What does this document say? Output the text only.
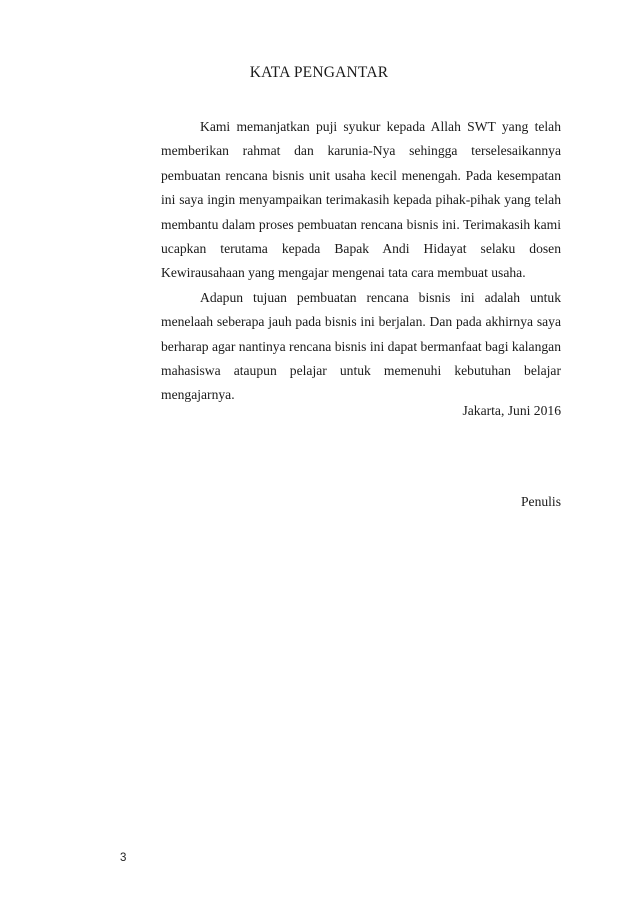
KATA PENGANTAR

Kami memanjatkan puji syukur kepada Allah SWT yang telah memberikan rahmat dan karunia-Nya sehingga terselesaikannya pembuatan rencana bisnis unit usaha kecil menengah. Pada kesempatan ini saya ingin menyampaikan terimakasih kepada pihak-pihak yang telah membantu dalam proses pembuatan rencana bisnis ini. Terimakasih kami ucapkan terutama kepada Bapak Andi Hidayat selaku dosen Kewirausahaan yang mengajar mengenai tata cara membuat usaha.

Adapun tujuan pembuatan rencana bisnis ini adalah untuk menelaah seberapa jauh pada bisnis ini berjalan. Dan pada akhirnya saya berharap agar nantinya rencana bisnis ini dapat bermanfaat bagi kalangan mahasiswa ataupun pelajar untuk memenuhi kebutuhan belajar mengajarnya.

Jakarta, Juni 2016
Penulis
3
